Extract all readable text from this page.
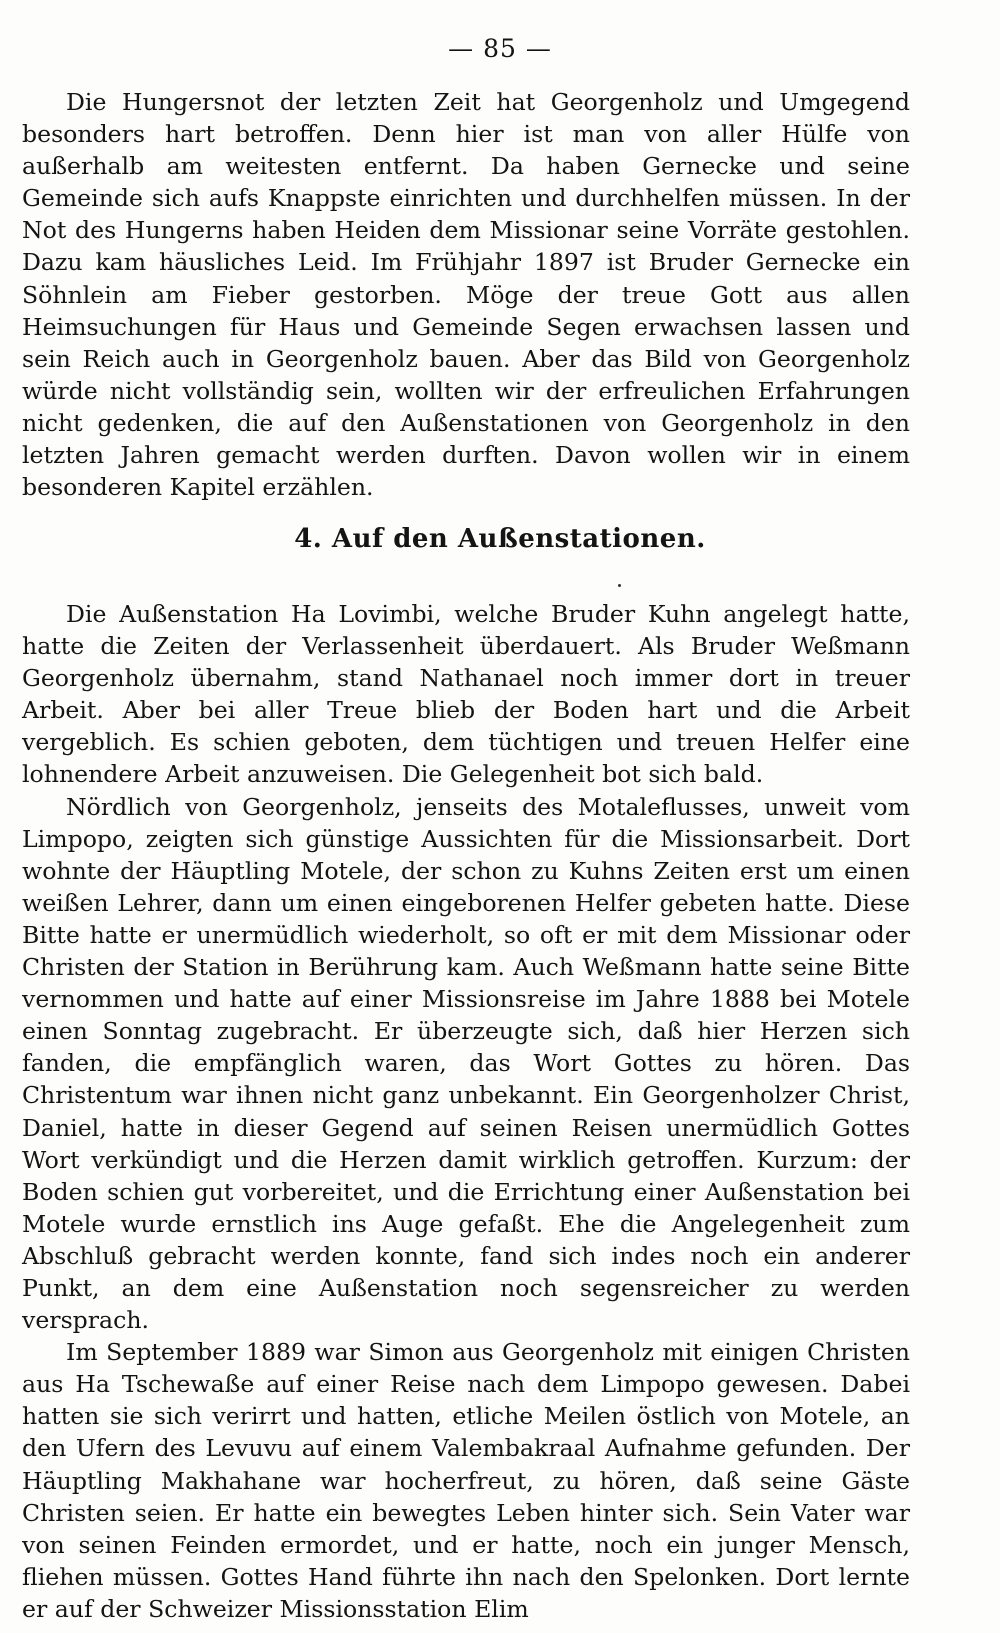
— 85 —

Die Hungersnot der letzten Zeit hat Georgenholz und Umgegend besonders hart betroffen. Denn hier ist man von aller Hülfe von außerhalb am weitesten entfernt. Da haben Gernecke und seine Gemeinde sich aufs Knappste einrichten und durchhelfen müssen. In der Not des Hungerns haben Heiden dem Missionar seine Vorräte gestohlen. Dazu kam häusliches Leid. Im Frühjahr 1897 ist Bruder Gernecke ein Söhnlein am Fieber gestorben. Möge der treue Gott aus allen Heimsuchungen für Haus und Gemeinde Segen erwachsen lassen und sein Reich auch in Georgenholz bauen. Aber das Bild von Georgenholz würde nicht vollständig sein, wollten wir der erfreulichen Erfahrungen nicht gedenken, die auf den Außenstationen von Georgenholz in den letzten Jahren gemacht werden durften. Davon wollen wir in einem besonderen Kapitel erzählen.

4. Auf den Außenstationen.

Die Außenstation Ha Lovimbi, welche Bruder Kuhn angelegt hatte, hatte die Zeiten der Verlassenheit überdauert. Als Bruder Weßmann Georgenholz übernahm, stand Nathanael noch immer dort in treuer Arbeit. Aber bei aller Treue blieb der Boden hart und die Arbeit vergeblich. Es schien geboten, dem tüchtigen und treuen Helfer eine lohnendere Arbeit anzuweisen. Die Gelegenheit bot sich bald.

Nördlich von Georgenholz, jenseits des Motaleflusses, unweit vom Limpopo, zeigten sich günstige Aussichten für die Missionsarbeit. Dort wohnte der Häuptling Motele, der schon zu Kuhns Zeiten erst um einen weißen Lehrer, dann um einen eingeborenen Helfer gebeten hatte. Diese Bitte hatte er unermüdlich wiederholt, so oft er mit dem Missionar oder Christen der Station in Berührung kam. Auch Weßmann hatte seine Bitte vernommen und hatte auf einer Missionsreise im Jahre 1888 bei Motele einen Sonntag zugebracht. Er überzeugte sich, daß hier Herzen sich fanden, die empfänglich waren, das Wort Gottes zu hören. Das Christentum war ihnen nicht ganz unbekannt. Ein Georgenholzer Christ, Daniel, hatte in dieser Gegend auf seinen Reisen unermüdlich Gottes Wort verkündigt und die Herzen damit wirklich getroffen. Kurzum: der Boden schien gut vorbereitet, und die Errichtung einer Außenstation bei Motele wurde ernstlich ins Auge gefaßt. Ehe die Angelegenheit zum Abschluß gebracht werden konnte, fand sich indes noch ein anderer Punkt, an dem eine Außenstation noch segensreicher zu werden versprach.

Im September 1889 war Simon aus Georgenholz mit einigen Christen aus Ha Tschewaße auf einer Reise nach dem Limpopo gewesen. Dabei hatten sie sich verirrt und hatten, etliche Meilen östlich von Motele, an den Ufern des Levuvu auf einem Valembakraal Aufnahme gefunden. Der Häuptling Makhahane war hocherfreut, zu hören, daß seine Gäste Christen seien. Er hatte ein bewegtes Leben hinter sich. Sein Vater war von seinen Feinden ermordet, und er hatte, noch ein junger Mensch, fliehen müssen. Gottes Hand führte ihn nach den Spelonken. Dort lernte er auf der Schweizer Missionsstation Elim
